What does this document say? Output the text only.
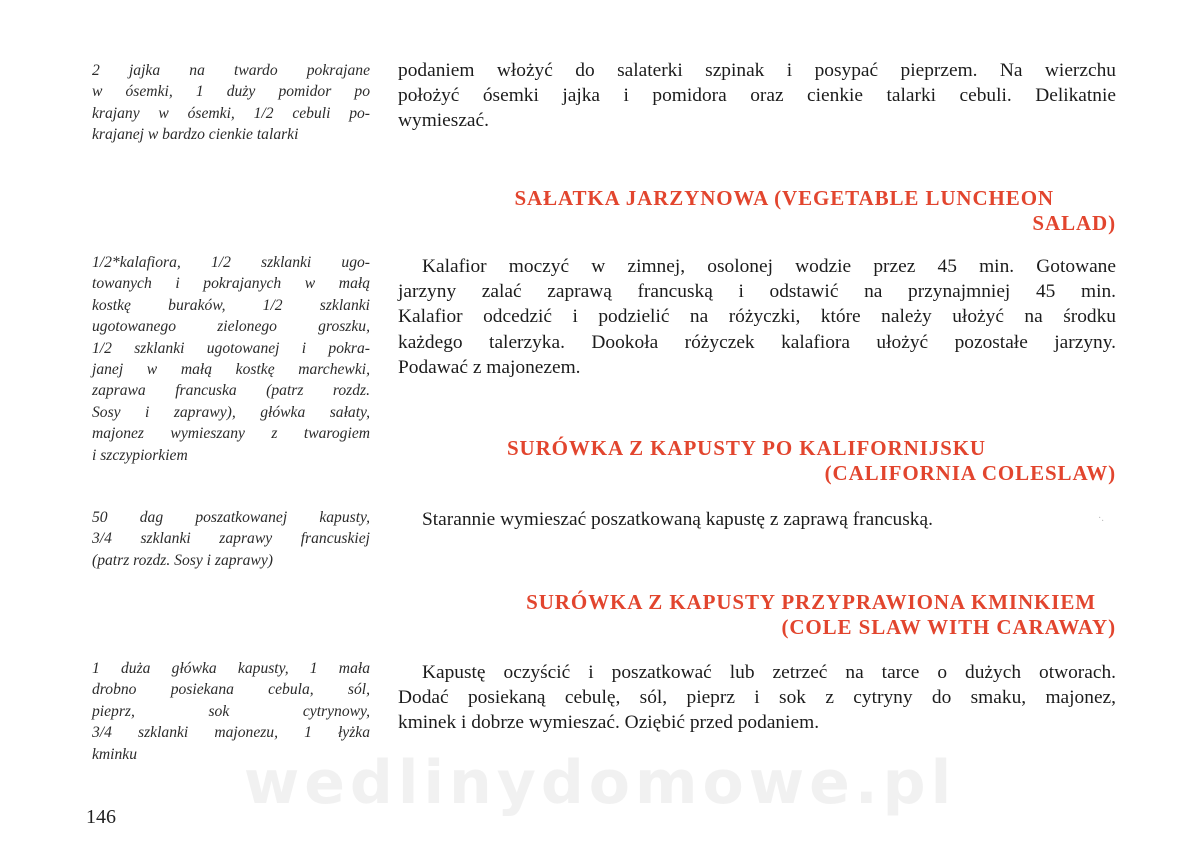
2 jajka na twardo pokrajane
w ósemki, 1 duży pomidor po
krajany w ósemki, 1/2 cebuli po-
krajanej w bardzo cienkie talarki
podaniem włożyć do salaterki szpinak i posypać pieprzem. Na wierzchu
położyć ósemki jajka i pomidora oraz cienkie talarki cebuli. Delikatnie
wymieszać.
SAŁATKA JARZYNOWA (VEGETABLE LUNCHEON
SALAD)
1/2*kalafiora, 1/2 szklanki ugo-
towanych i pokrajanych w małą
kostkę buraków, 1/2 szklanki
ugotowanego zielonego groszku,
1/2 szklanki ugotowanej i pokra-
janej w małą kostkę marchewki,
zaprawa francuska (patrz rozdz.
Sosy i zaprawy), główka sałaty,
majonez wymieszany z twarogiem
i szczypiorkiem
Kalafior moczyć w zimnej, osolonej wodzie przez 45 min. Gotowane
jarzyny zalać zaprawą francuską i odstawić na przynajmniej 45 min.
Kalafior odcedzić i podzielić na różyczki, które należy ułożyć na środku
każdego talerzyka. Dookoła różyczek kalafiora ułożyć pozostałe jarzyny.
Podawać z majonezem.
SURÓWKA Z KAPUSTY PO KALIFORNIJSKU
(CALIFORNIA COLESLAW)
50 dag poszatkowanej kapusty,
3/4 szklanki zaprawy francuskiej
(patrz rozdz. Sosy i zaprawy)
Starannie wymieszać poszatkowaną kapustę z zaprawą francuską.
SURÓWKA Z KAPUSTY PRZYPRAWIONA KMINKIEM
(COLE SLAW WITH CARAWAY)
1 duża główka kapusty, 1 mała
drobno posiekana cebula, sól,
pieprz, sok cytrynowy,
3/4 szklanki majonezu, 1 łyżka
kminku
Kapustę oczyścić i poszatkować lub zetrzeć na tarce o dużych otworach.
Dodać posiekaną cebulę, sól, pieprz i sok z cytryny do smaku, majonez,
kminek i dobrze wymieszać. Oziębić przed podaniem.
wedlinydomowe.pl
·.
146
